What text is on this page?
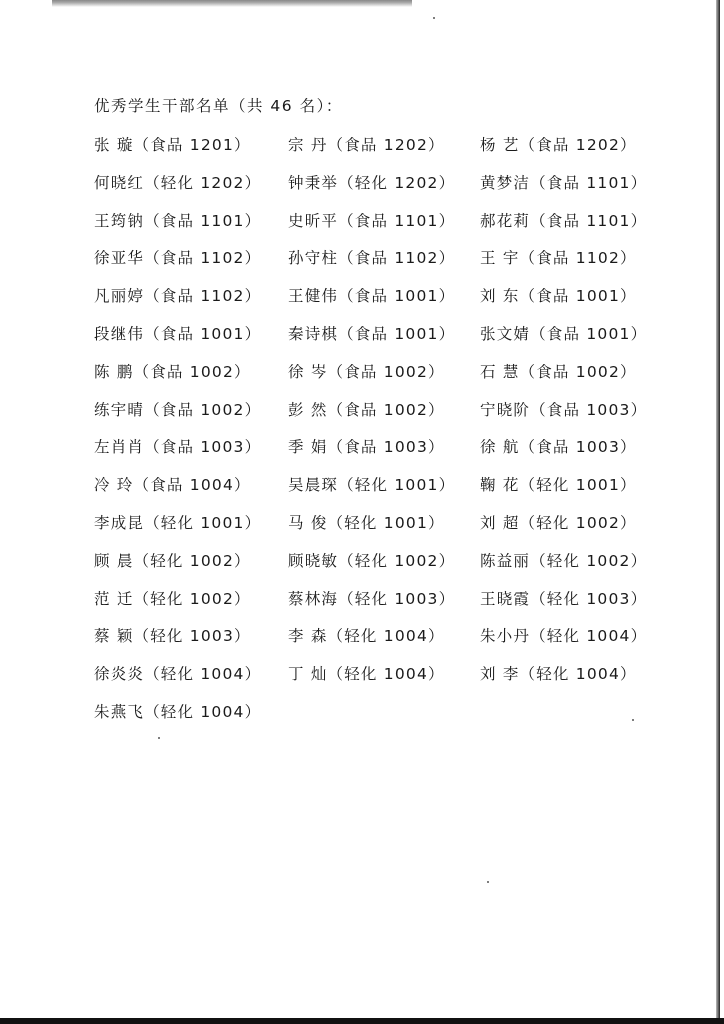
优秀学生干部名单（共 46 名）：
张 璇（食品 1201） 宗 丹（食品 1202） 杨 艺（食品 1202）
何晓红（轻化 1202） 钟秉举（轻化 1202） 黄梦洁（食品 1101）
王筠钠（食品 1101） 史昕平（食品 1101） 郝花莉（食品 1101）
徐亚华（食品 1102） 孙守柱（食品 1102） 王 宇（食品 1102）
凡丽婷（食品 1102） 王健伟（食品 1001） 刘 东（食品 1001）
段继伟（食品 1001） 秦诗棋（食品 1001） 张文婧（食品 1001）
陈 鹏（食品 1002） 徐 岑（食品 1002） 石 慧（食品 1002）
练宇晴（食品 1002） 彭 然（食品 1002） 宁晓阶（食品 1003）
左肖肖（食品 1003） 季 娟（食品 1003） 徐 航（食品 1003）
冷 玲（食品 1004） 吴晨琛（轻化 1001） 鞠 花（轻化 1001）
李成昆（轻化 1001） 马 俊（轻化 1001） 刘 超（轻化 1002）
顾 晨（轻化 1002） 顾晓敏（轻化 1002） 陈益丽（轻化 1002）
范 迁（轻化 1002） 蔡林海（轻化 1003） 王晓霞（轻化 1003）
蔡 颖（轻化 1003） 李 森（轻化 1004） 朱小丹（轻化 1004）
徐炎炎（轻化 1004） 丁 灿（轻化 1004） 刘 李（轻化 1004）
朱燕飞（轻化 1004）
